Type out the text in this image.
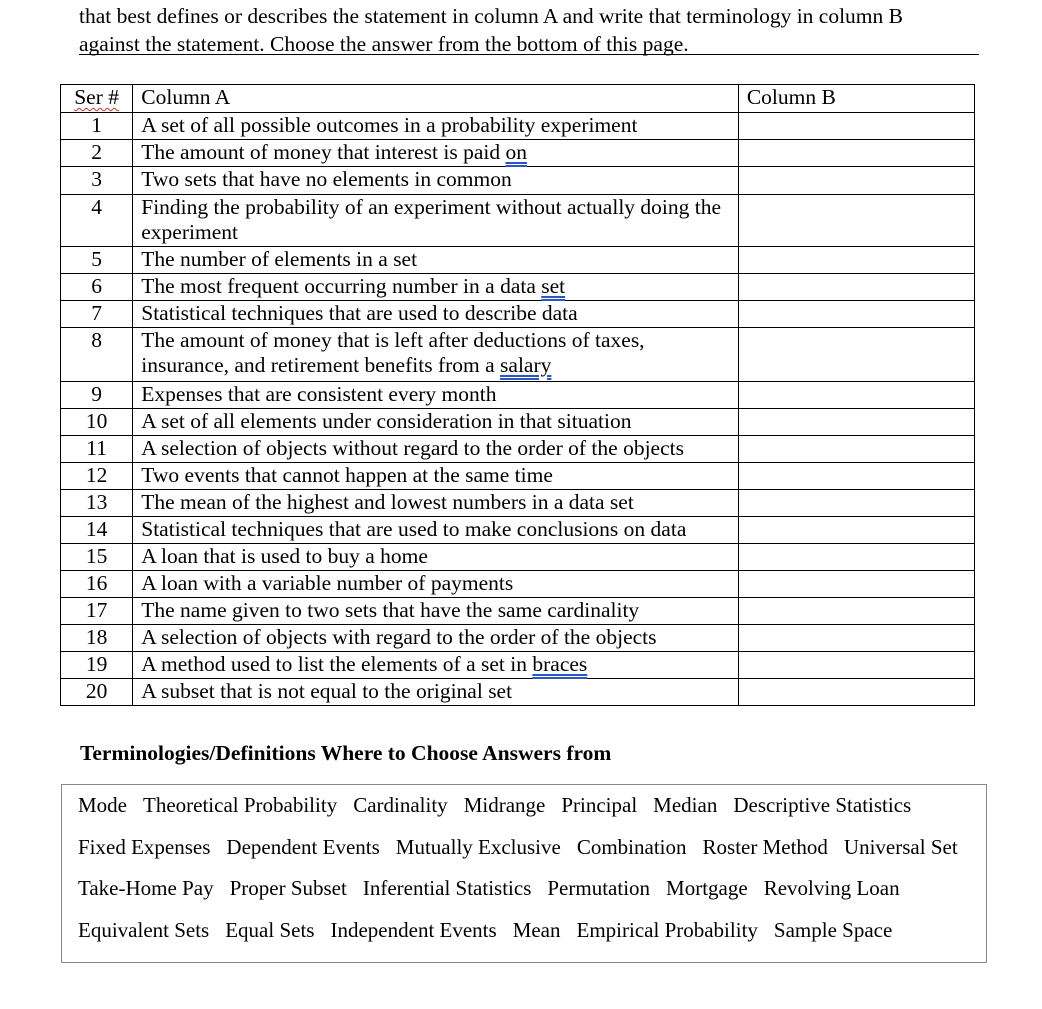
that best defines or describes the statement in column A and write that terminology in column B
against the statement. Choose the answer from the bottom of this page.
Ser #	Column A	Column B
1	A set of all possible outcomes in a probability experiment	
2	The amount of money that interest is paid on	
3	Two sets that have no elements in common	
4	Finding the probability of an experiment without actually doing the experiment	
5	The number of elements in a set	
6	The most frequent occurring number in a data set	
7	Statistical techniques that are used to describe data	
8	The amount of money that is left after deductions of taxes, insurance, and retirement benefits from a salary	
9	Expenses that are consistent every month	
10	A set of all elements under consideration in that situation	
11	A selection of objects without regard to the order of the objects	
12	Two events that cannot happen at the same time	
13	The mean of the highest and lowest numbers in a data set	
14	Statistical techniques that are used to make conclusions on data	
15	A loan that is used to buy a home	
16	A loan with a variable number of payments	
17	The name given to two sets that have the same cardinality	
18	A selection of objects with regard to the order of the objects	
19	A method used to list the elements of a set in braces	
20	A subset that is not equal to the original set	
Terminologies/Definitions Where to Choose Answers from
Mode Theoretical Probability Cardinality Midrange Principal Median Descriptive Statistics
Fixed Expenses Dependent Events Mutually Exclusive Combination Roster Method Universal Set
Take-Home Pay Proper Subset Inferential Statistics Permutation Mortgage Revolving Loan
Equivalent Sets Equal Sets Independent Events Mean Empirical Probability Sample Space
